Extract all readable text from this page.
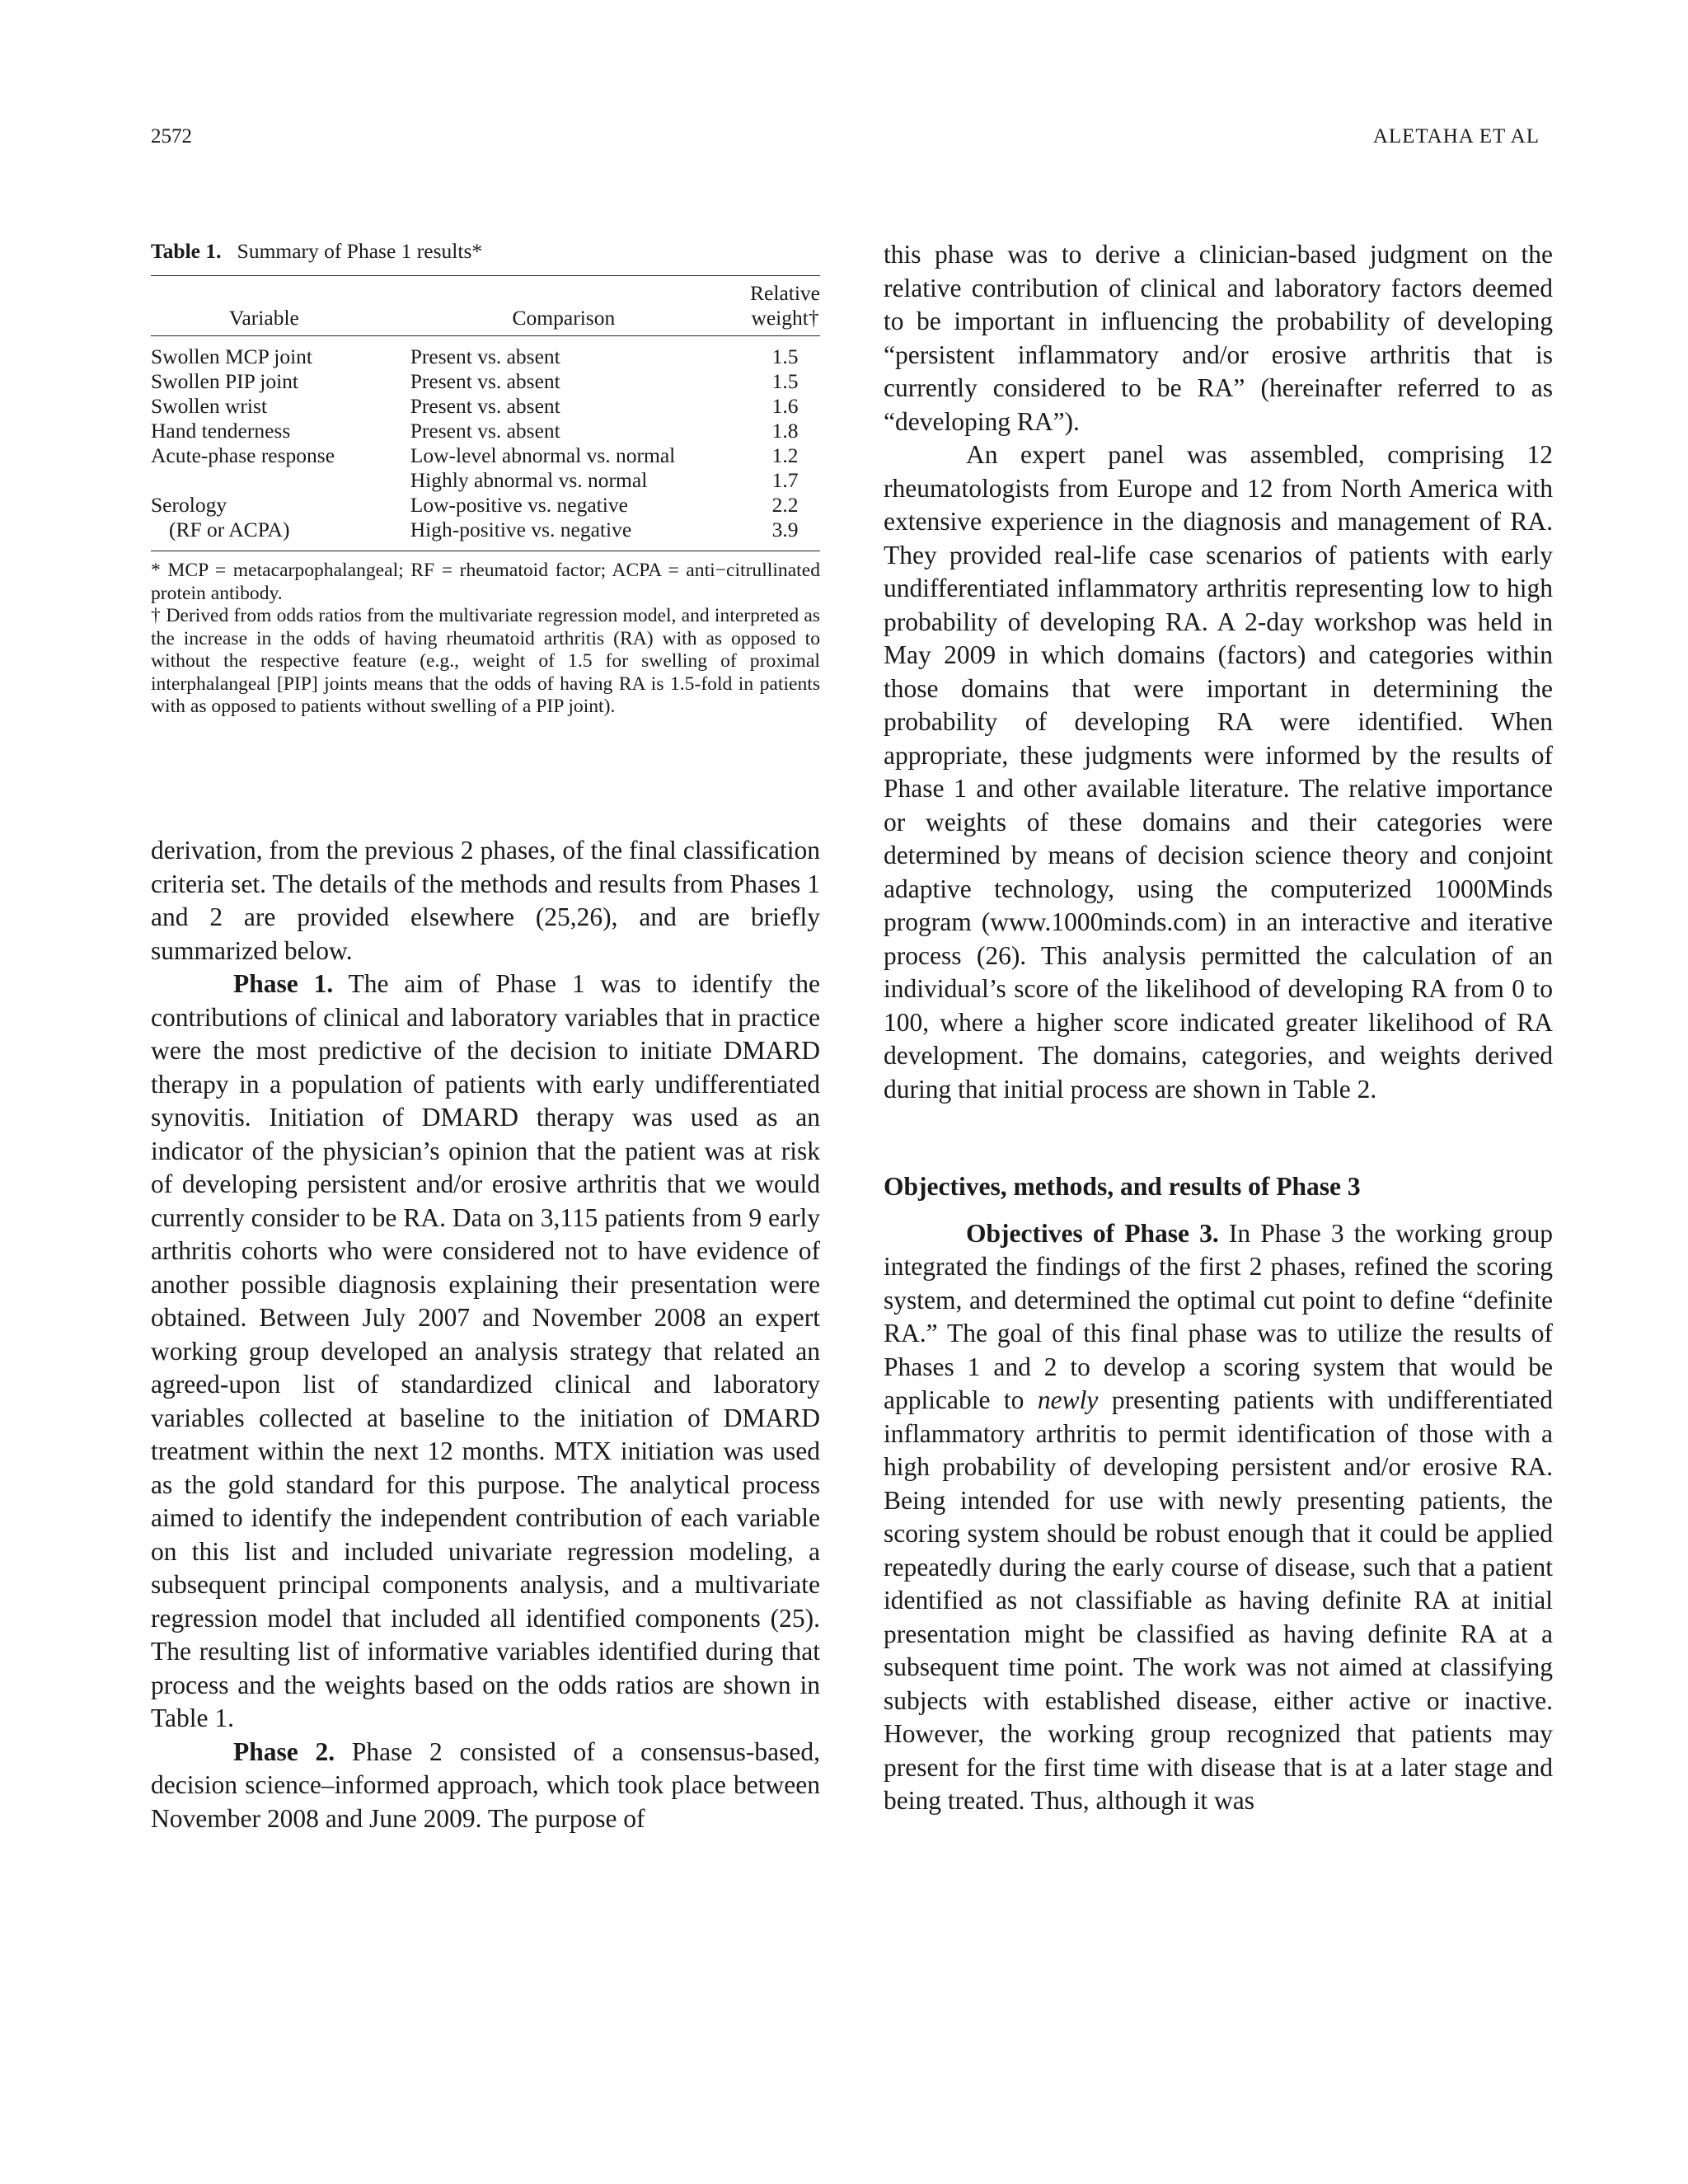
2572	ALETAHA ET AL
Table 1. Summary of Phase 1 results*
Variable	Comparison	Relative
weight†

Swollen MCP joint	Present vs. absent	1.5
Swollen PIP joint	Present vs. absent	1.5
Swollen wrist	Present vs. absent	1.6
Hand tenderness	Present vs. absent	1.8
Acute-phase response	Low-level abnormal vs. normal	1.2
	Highly abnormal vs. normal	1.7
Serology	Low-positive vs. negative	2.2
(RF or ACPA)	High-positive vs. negative	3.9

* MCP = metacarpophalangeal; RF = rheumatoid factor; ACPA = anti−citrullinated protein antibody.

† Derived from odds ratios from the multivariate regression model, and interpreted as the increase in the odds of having rheumatoid arthritis (RA) with as opposed to without the respective feature (e.g., weight of 1.5 for swelling of proximal interphalangeal [PIP] joints means that the odds of having RA is 1.5-fold in patients with as opposed to patients without swelling of a PIP joint).

derivation, from the previous 2 phases, of the final classification criteria set. The details of the methods and results from Phases 1 and 2 are provided elsewhere (25,26), and are briefly summarized below.

Phase 1. The aim of Phase 1 was to identify the contributions of clinical and laboratory variables that in practice were the most predictive of the decision to initiate DMARD therapy in a population of patients with early undifferentiated synovitis. Initiation of DMARD therapy was used as an indicator of the physician’s opinion that the patient was at risk of developing persistent and/or erosive arthritis that we would currently consider to be RA. Data on 3,115 patients from 9 early arthritis cohorts who were considered not to have evidence of another possible diagnosis explaining their presentation were obtained. Between July 2007 and November 2008 an expert working group developed an analysis strategy that related an agreed-upon list of standardized clinical and laboratory variables collected at baseline to the initiation of DMARD treatment within the next 12 months. MTX initiation was used as the gold standard for this purpose. The analytical process aimed to identify the independent contribution of each variable on this list and included univariate regression modeling, a subsequent principal components analysis, and a multivariate regression model that included all identified components (25). The resulting list of informative variables identified during that process and the weights based on the odds ratios are shown in Table 1.

Phase 2. Phase 2 consisted of a consensus-based, decision science–informed approach, which took place between November 2008 and June 2009. The purpose of

this phase was to derive a clinician-based judgment on the relative contribution of clinical and laboratory factors deemed to be important in influencing the probability of developing “persistent inflammatory and/or erosive arthritis that is currently considered to be RA” (hereinafter referred to as “developing RA”).

An expert panel was assembled, comprising 12 rheumatologists from Europe and 12 from North America with extensive experience in the diagnosis and management of RA. They provided real-life case scenarios of patients with early undifferentiated inflammatory arthritis representing low to high probability of developing RA. A 2-day workshop was held in May 2009 in which domains (factors) and categories within those domains that were important in determining the probability of developing RA were identified. When appropriate, these judgments were informed by the results of Phase 1 and other available literature. The relative importance or weights of these domains and their categories were determined by means of decision science theory and conjoint adaptive technology, using the computerized 1000Minds program (www.1000minds.com) in an interactive and iterative process (26). This analysis permitted the calculation of an individual’s score of the likelihood of developing RA from 0 to 100, where a higher score indicated greater likelihood of RA development. The domains, categories, and weights derived during that initial process are shown in Table 2.

Objectives, methods, and results of Phase 3

Objectives of Phase 3. In Phase 3 the working group integrated the findings of the first 2 phases, refined the scoring system, and determined the optimal cut point to define “definite RA.” The goal of this final phase was to utilize the results of Phases 1 and 2 to develop a scoring system that would be applicable to newly presenting patients with undifferentiated inflammatory arthritis to permit identification of those with a high probability of developing persistent and/or erosive RA. Being intended for use with newly presenting patients, the scoring system should be robust enough that it could be applied repeatedly during the early course of disease, such that a patient identified as not classifiable as having definite RA at initial presentation might be classified as having definite RA at a subsequent time point. The work was not aimed at classifying subjects with established disease, either active or inactive. However, the working group recognized that patients may present for the first time with disease that is at a later stage and being treated. Thus, although it was
